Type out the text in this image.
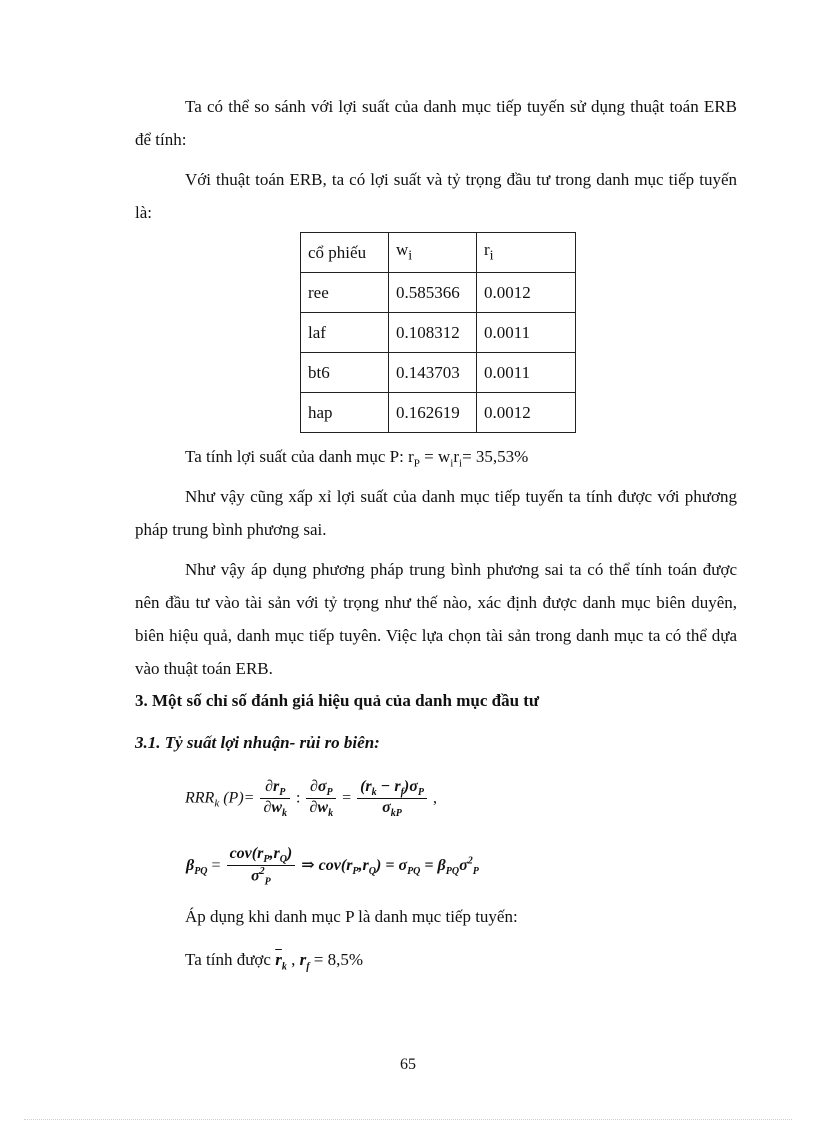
Ta có thể so sánh với lợi suất của danh mục tiếp tuyến sử dụng thuật toán ERB để tính:

Với thuật toán ERB, ta có lợi suất và tỷ trọng đầu tư trong danh mục tiếp tuyến là:

cổ phiếu	$w_i$	$r_i$
ree	0.585366	0.0012
laf	0.108312	0.0011
bt6	0.143703	0.0011
hap	0.162619	0.0012

Ta tính lợi suất của danh mục P: $r_P = w_ir_i= 35,53\%$

Như vậy cũng xấp xỉ lợi suất của danh mục tiếp tuyến ta tính được với phương pháp trung bình phương sai.

Như vậy áp dụng phương pháp trung bình phương sai ta có thể tính toán được nên đầu tư vào tài sản với tỷ trọng như thế nào, xác định được danh mục biên duyên, biên hiệu quả, danh mục tiếp tuyên. Việc lựa chọn tài sản trong danh mục ta có thể dựa vào thuật toán ERB.

3. Một số chỉ số đánh giá hiệu quả của danh mục đầu tư

3.1. Tỷ suất lợi nhuận- rủi ro biên:

$RRR_k$ $(P)= \frac{\partial r_P}{\partial w_k}$ : $\frac{\partial\sigma_P}{\partial w_k} = \frac{(r_k - r_f)\sigma_P}{\sigma_{kP}}$ ,
$\beta_{PQ} = \frac{cov(r_P,r_Q)}{\sigma^2_P}$ ⇒ $cov(r_P,r_Q) = \sigma_{PQ} = \beta_{PQ}\sigma^2_P$

Áp dụng khi danh mục P là danh mục tiếp tuyến:

Ta tính được $\overline{r}_k$ , $r_f = 8,5\%$

65
